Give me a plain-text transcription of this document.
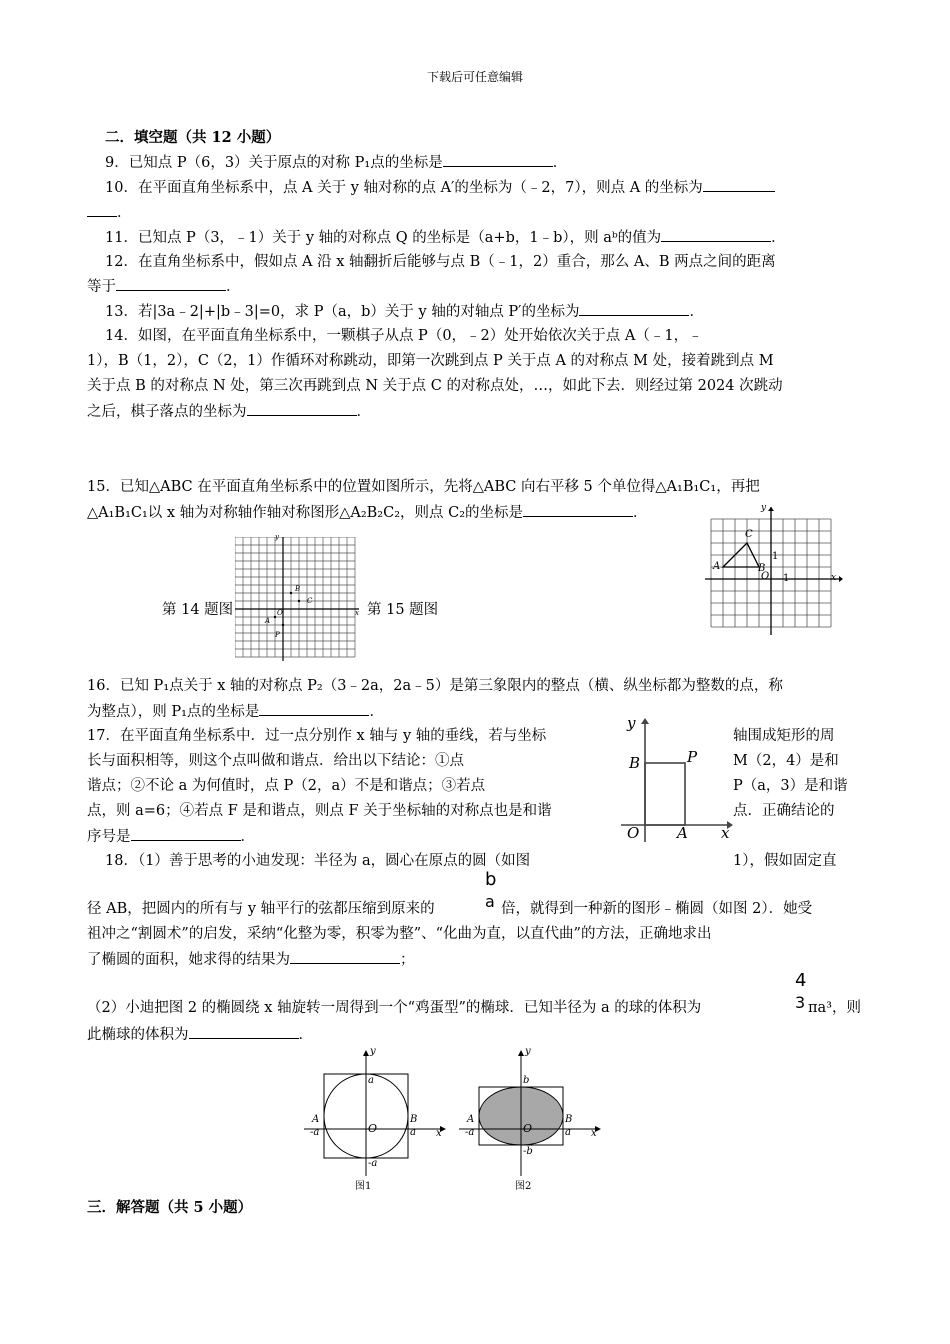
下载后可任意编辑
二．填空题（共 12 小题）
9．已知点 P（6，3）关于原点的对称 P₁点的坐标是	．
10．在平面直角坐标系中，点 A 关于 y 轴对称的点 A′的坐标为（﹣2，7），则点 A 的坐标为
．
11．已知点 P（3，﹣1）关于 y 轴的对称点 Q 的坐标是（a+b，1﹣b），则 aᵇ的值为	．
12．在直角坐标系中，假如点 A 沿 x 轴翻折后能够与点 B（﹣1，2）重合，那么 A、B 两点之间的距离
等于	．
13．若|3a﹣2|+|b﹣3|=0，求 P（a，b）关于 y 轴的对轴点 P′的坐标为	．
14．如图，在平面直角坐标系中，一颗棋子从点 P（0，﹣2）处开始依次关于点 A（﹣1，﹣
1），B（1，2），C（2，1）作循环对称跳动，即第一次跳到点 P 关于点 A 的对称点 M 处，接着跳到点 M
关于点 B 的对称点 N 处，第三次再跳到点 N 关于点 C 的对称点处，…，如此下去．则经过第 2024 次跳动
之后，棋子落点的坐标为	．
15．已知△ABC 在平面直角坐标系中的位置如图所示，先将△ABC 向右平移 5 个单位得△A₁B₁C₁，再把
△A₁B₁C₁以 x 轴为对称轴作轴对称图形△A₂B₂C₂，则点 C₂的坐标是	．
y
x
O
A
B
C
P
第 14 题图	第 15 题图
y
x
O
A	B
C
1
1
16．已知 P₁点关于 x 轴的对称点 P₂（3﹣2a，2a﹣5）是第三象限内的整点（横、纵坐标都为整数的点，称
为整点），则 P₁点的坐标是	．
17．在平面直角坐标系中．过一点分别作 x 轴与 y 轴的垂线，若与坐标	轴围成矩形的周
长与面积相等，则这个点叫做和谐点．给出以下结论：①点	M（2，4）是和
谐点；②不论 a 为何值时，点 P（2，a）不是和谐点；③若点	P（a，3）是和谐
点，则 a=6；④若点 F 是和谐点，则点 F 关于坐标轴的对称点也是和谐	点．正确结论的
序号是	．
y
x
O	A
B	P
18．（1）善于思考的小迪发现：半径为 a，圆心在原点的圆（如图	1），假如固定直
b
a
径 AB，把圆内的所有与 y 轴平行的弦都压缩到原来的	倍，就得到一种新的图形﹣椭圆（如图 2）．她受
祖冲之“割圆术”的启发，采纳“化整为零，积零为整”、“化曲为直，以直代曲”的方法，正确地求出
了椭圆的面积，她求得的结果为	；
4
3
（2）小迪把图 2 的椭圆绕 x 轴旋转一周得到一个“鸡蛋型”的椭球．已知半径为 a 的球的体积为	πa³，则
此椭球的体积为	．
y
x
a
-a
A
-a
B
a
O
图1
y
x
b
-b
A
-a
B
a
O
图2
三．解答题（共 5 小题）
